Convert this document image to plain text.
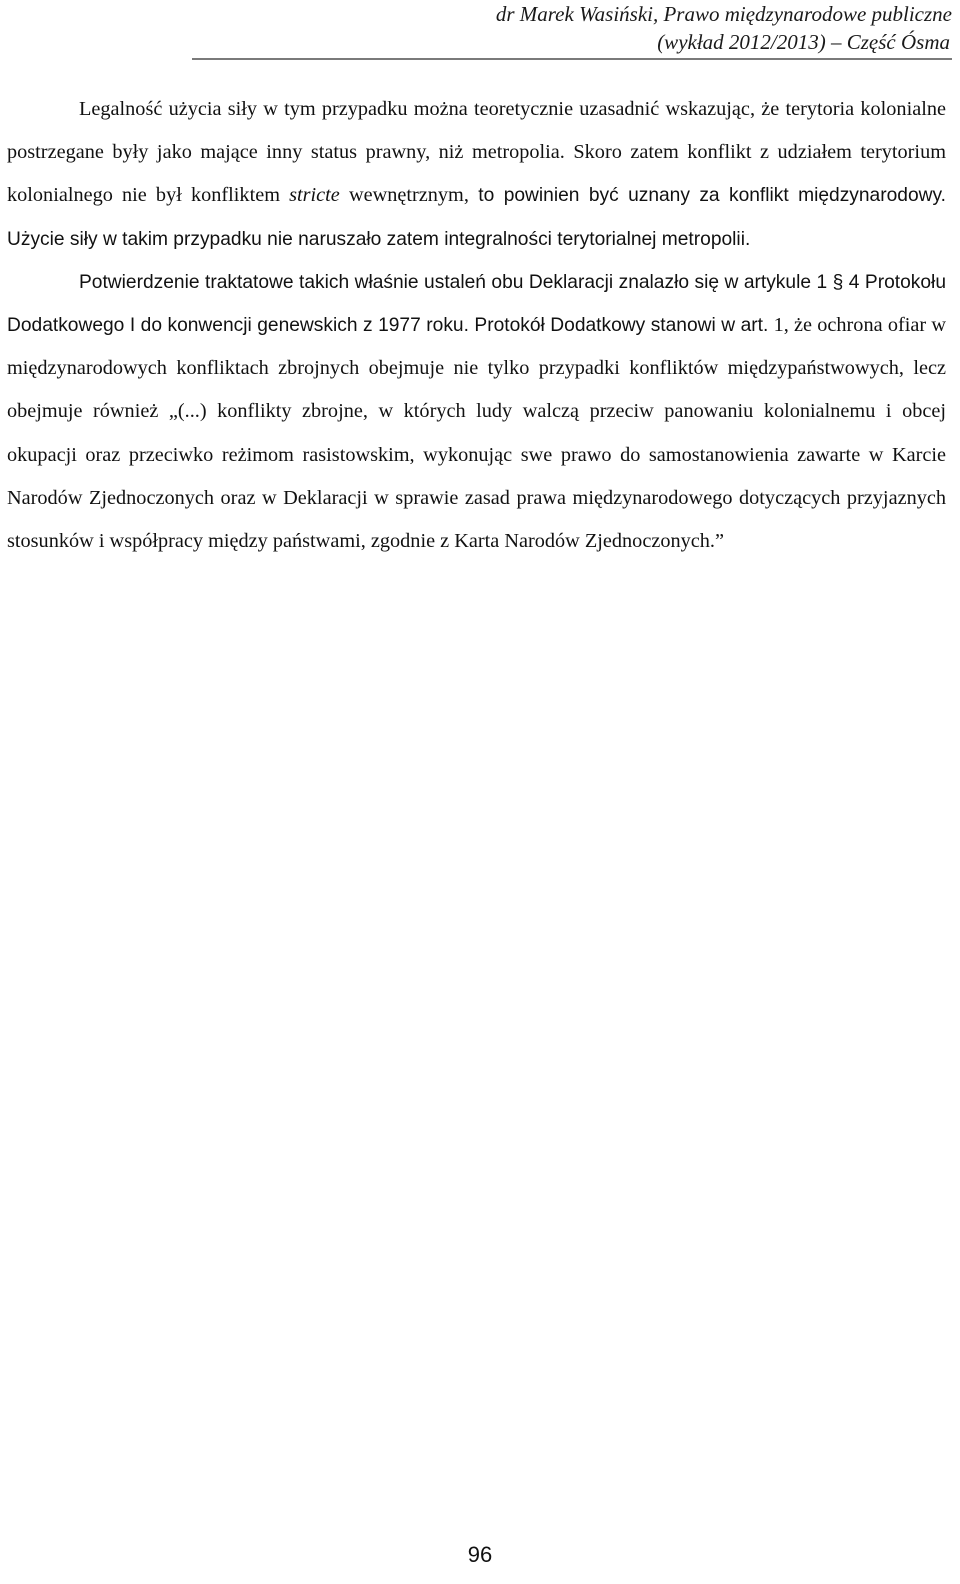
dr Marek Wasiński, Prawo międzynarodowe publiczne
(wykład 2012/2013) – Część Ósma

Legalność użycia siły w tym przypadku można teoretycznie uzasadnić wskazując, że terytoria kolonialne postrzegane były jako mające inny status prawny, niż metropolia. Skoro zatem konflikt z udziałem terytorium kolonialnego nie był konfliktem stricte wewnętrznym, to powinien być uznany za konflikt międzynarodowy. Użycie siły w takim przypadku nie naruszało zatem integralności terytorialnej metropolii.

Potwierdzenie traktatowe takich właśnie ustaleń obu Deklaracji znalazło się w artykule 1 § 4 Protokołu Dodatkowego I do konwencji genewskich z 1977 roku. Protokół Dodatkowy stanowi w art. 1, że ochrona ofiar w międzynarodowych konfliktach zbrojnych obejmuje nie tylko przypadki konfliktów międzypaństwowych, lecz obejmuje również „(...) konflikty zbrojne, w których ludy walczą przeciw panowaniu kolonialnemu i obcej okupacji oraz przeciwko reżimom rasistowskim, wykonując swe prawo do samostanowienia zawarte w Karcie Narodów Zjednoczonych oraz w Deklaracji w sprawie zasad prawa międzynarodowego dotyczących przyjaznych stosunków i współpracy między państwami, zgodnie z Karta Narodów Zjednoczonych.”

96
